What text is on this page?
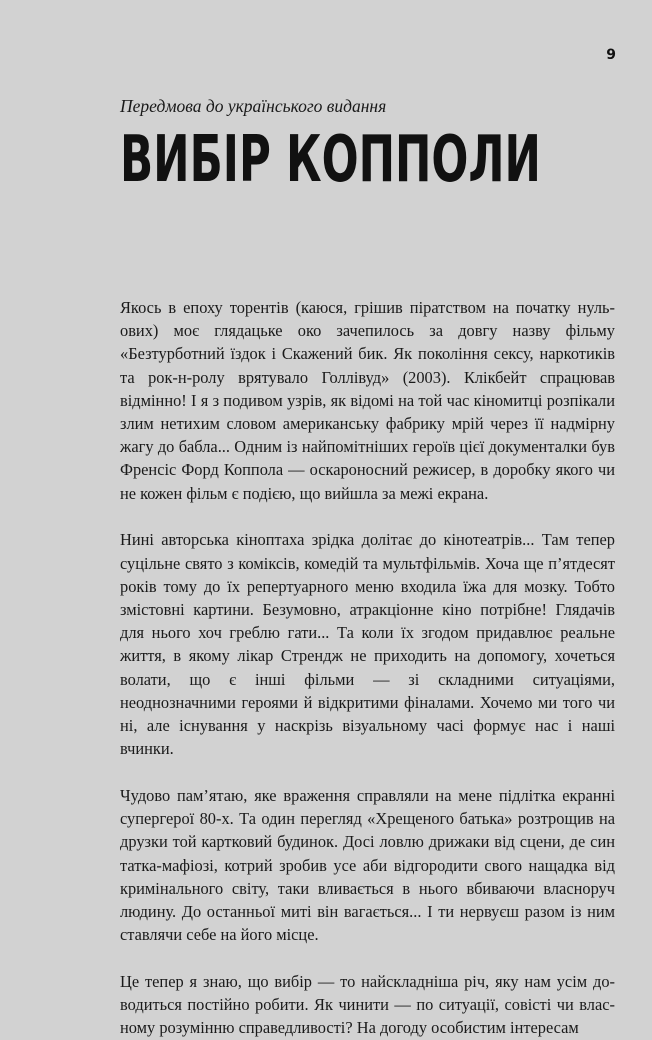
9
Передмова до українського видання
ВИБІР КОППОЛИ

Якось в епоху торентів (каюся, грішив піратством на початку нульових) моє глядацьке око зачепилось за довгу назву фільму «Безтурботний їздок і Скажений бик. Як покоління сексу, наркотиків та рок-н-ролу врятувало Голлівуд» (2003). Клікбейт спрацював відмінно! І я з подивом узрів, як відомі на той час кіномитці розпікали злим нетихим словом американську фабрику мрій через її надмірну жагу до бабла... Одним із найпомітніших героїв цієї документалки був Френсіс Форд Коппола — оскароносний режисер, в доробку якого чи не кожен фільм є подією, що вийшла за межі екрана.

Нині авторська кіноптаха зрідка долітає до кінотеатрів... Там тепер суцільне свято з коміксів, комедій та мультфільмів. Хоча ще п’ятдесят років тому до їх репертуарного меню входила їжа для мозку. Тобто змістовні картини. Безумовно, атракціонне кіно потрібне! Глядачів для нього хоч греблю гати... Та коли їх згодом придавлює реальне життя, в якому лікар Стрендж не приходить на допомогу, хочеться волати, що є інші фільми — зі складними ситуаціями, неоднозначними героями й відкритими фіналами. Хочемо ми того чи ні, але існування у наскрізь візуальному часі формує нас і наші вчинки.

Чудово пам’ятаю, яке враження справляли на мене підлітка екранні супергерої 80-х. Та один перегляд «Хрещеного батька» розтрощив на друзки той картковий будинок. Досі ловлю дрижаки від сцени, де син татка-мафіозі, котрий зробив усе аби відгородити свого нащадка від кримінального світу, таки вливається в нього вбиваючи власноруч людину. До останньої миті він вагається... І ти нервуєш разом із ним ставлячи себе на його місце.

Це тепер я знаю, що вибір — то найскладніша річ, яку нам усім доводиться постійно робити. Як чинити — по ситуації, совісті чи власному розумінню справедливості? На догоду особистим інтересам
